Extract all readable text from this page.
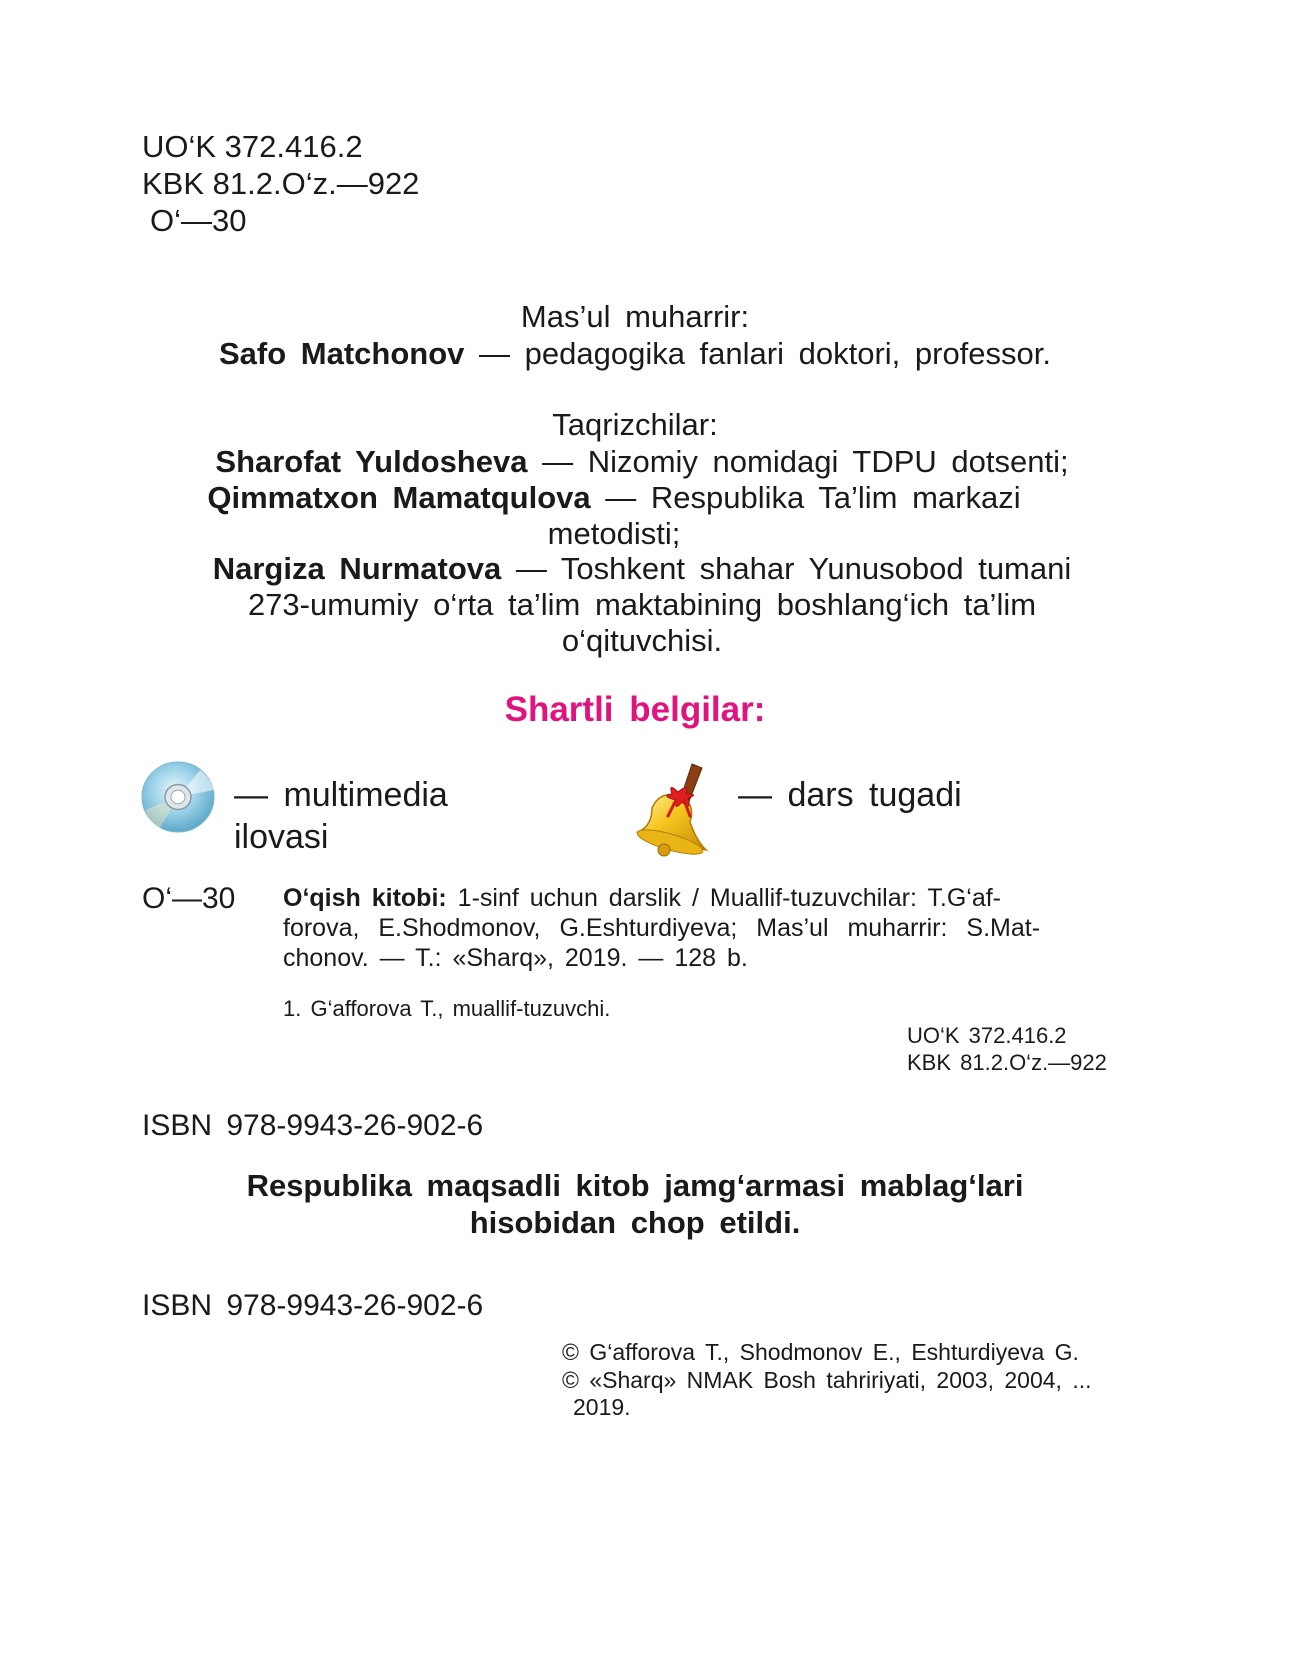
UO‘K 372.416.2
KBK 81.2.O‘z.—922
O‘—30
Mas’ul muharrir:
Safo Matchonov — pedagogika fanlari doktori, professor.
Taqrizchilar:
Sharofat Yuldosheva — Nizomiy nomidagi TDPU dotsenti;
Qimmatxon Mamatqulova — Respublika Ta’lim markazi
metodisti;
Nargiza Nurmatova — Toshkent shahar Yunusobod tumani
273-umumiy o‘rta ta’lim maktabining boshlang‘ich ta’lim
o‘qituvchisi.
Shartli belgilar:
— multimedia
ilovasi
— dars tugadi
O‘—30 O‘qish kitobi: 1-sinf uchun darslik / Muallif-tuzuvchilar: T.G‘af-
forova, E.Shodmonov, G.Eshturdiyeva; Mas’ul muharrir: S.Mat-
chonov. — T.: «Sharq», 2019. — 128 b.
1. G‘afforova T., muallif-tuzuvchi.
UO‘K 372.416.2
KBK 81.2.O‘z.—922
ISBN 978-9943-26-902-6
Respublika maqsadli kitob jamg‘armasi mablag‘lari
hisobidan chop etildi.
ISBN 978-9943-26-902-6
© G‘afforova T., Shodmonov E., Eshturdiyeva G.
© «Sharq» NMAK Bosh tahririyati, 2003, 2004, ...
2019.
